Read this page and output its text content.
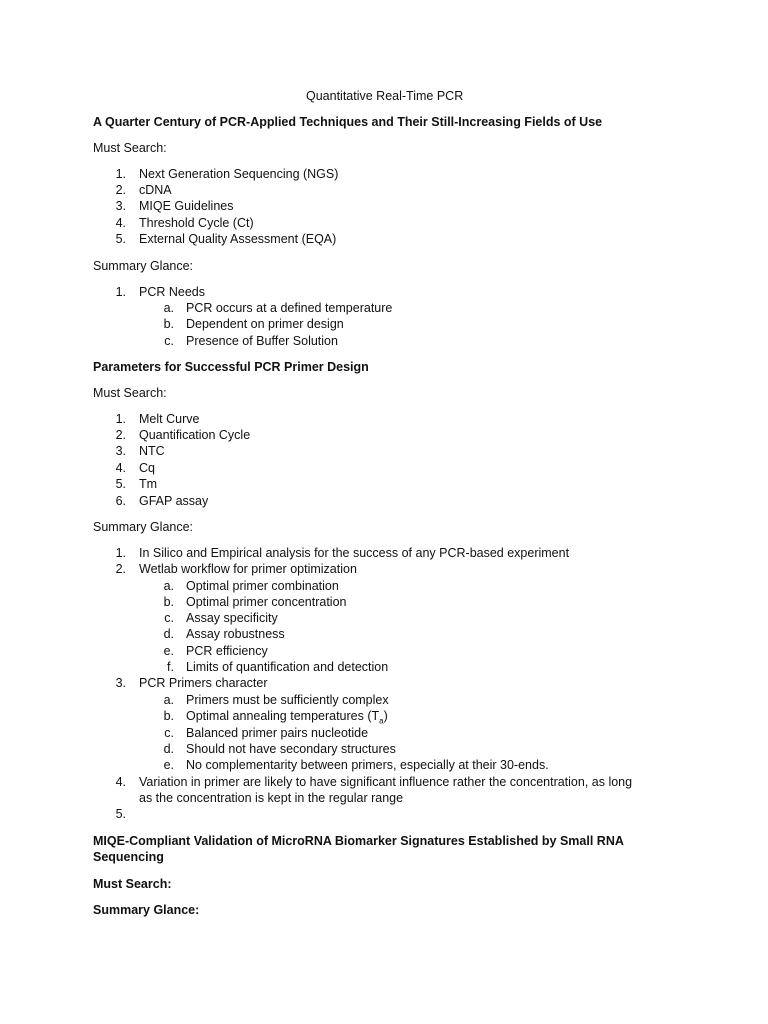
Quantitative Real-Time PCR
A Quarter Century of PCR-Applied Techniques and Their Still-Increasing Fields of Use
Must Search:
1. Next Generation Sequencing (NGS)
2. cDNA
3. MIQE Guidelines
4. Threshold Cycle (Ct)
5. External Quality Assessment (EQA)
Summary Glance:
1. PCR Needs
a. PCR occurs at a defined temperature
b. Dependent on primer design
c. Presence of Buffer Solution
Parameters for Successful PCR Primer Design
Must Search:
1. Melt Curve
2. Quantification Cycle
3. NTC
4. Cq
5. Tm
6. GFAP assay
Summary Glance:
1. In Silico and Empirical analysis for the success of any PCR-based experiment
2. Wetlab workflow for primer optimization
a. Optimal primer combination
b. Optimal primer concentration
c. Assay specificity
d. Assay robustness
e. PCR efficiency
f. Limits of quantification and detection
3. PCR Primers character
a. Primers must be sufficiently complex
b. Optimal annealing temperatures $(T_a)$
c. Balanced primer pairs nucleotide
d. Should not have secondary structures
e. No complementarity between primers, especially at their 30-ends.
4. Variation in primer are likely to have significant influence rather the concentration, as long
as the concentration is kept in the regular range
5.
MIQE-Compliant Validation of MicroRNA Biomarker Signatures Established by Small RNA
Sequencing
Must Search:
Summary Glance:
